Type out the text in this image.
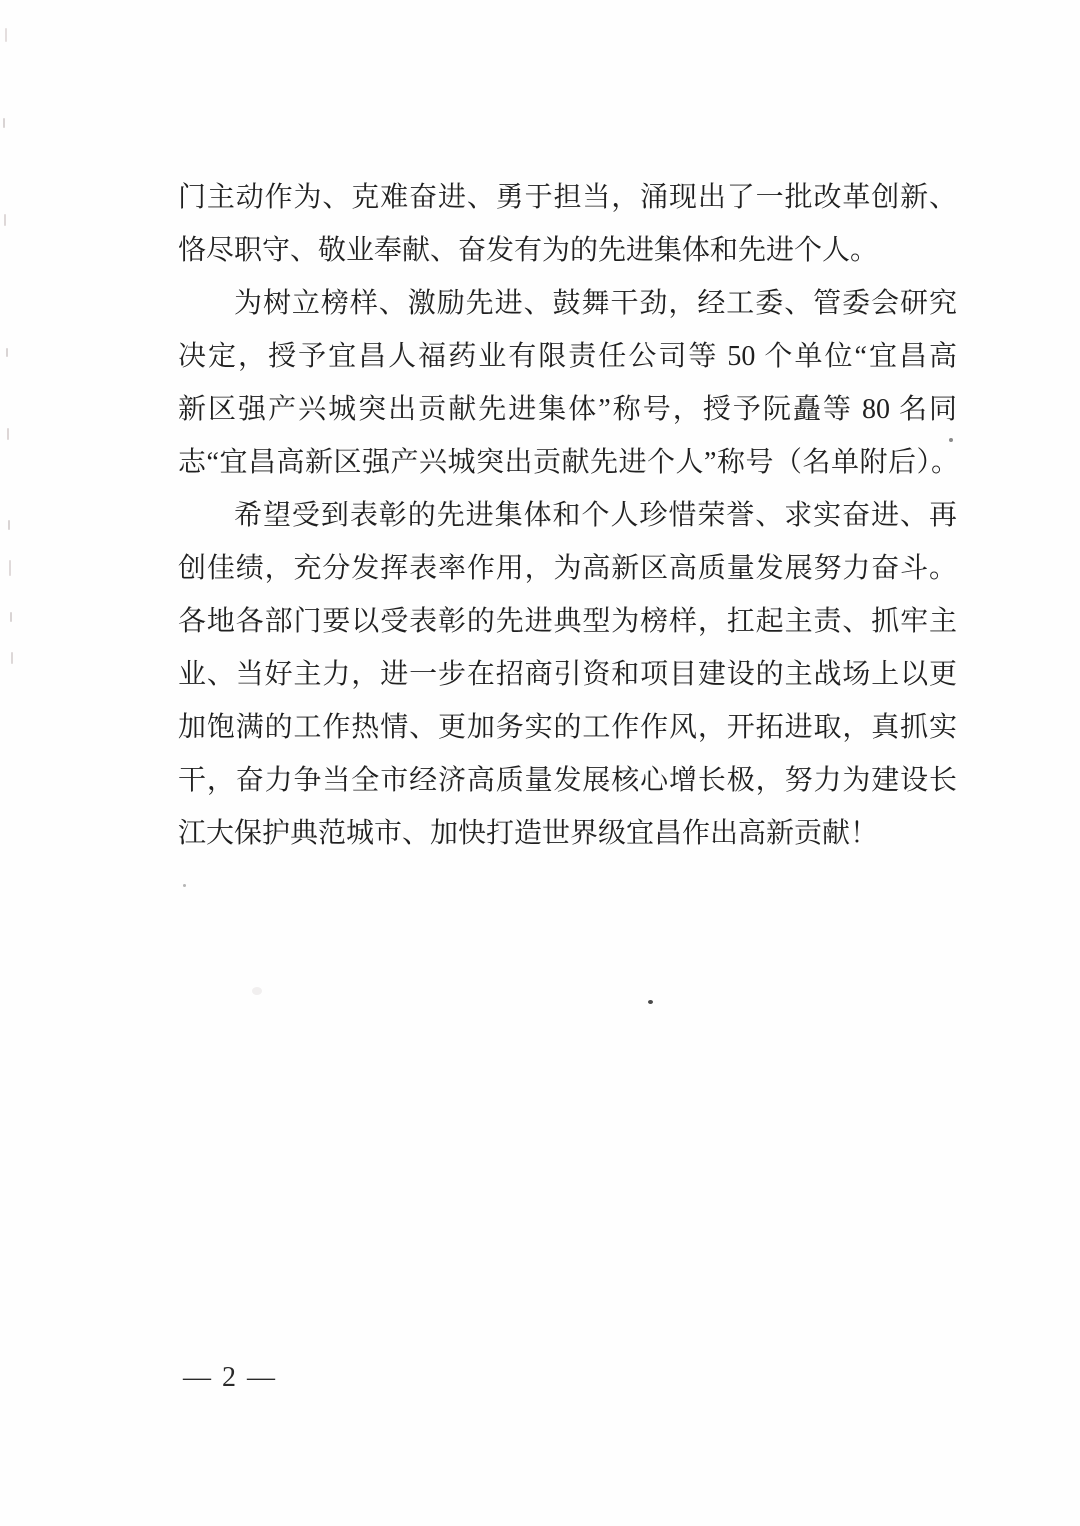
门主动作为、克难奋进、勇于担当，涌现出了一批改革创新、
恪尽职守、敬业奉献、奋发有为的先进集体和先进个人。
为树立榜样、激励先进、鼓舞干劲，经工委、管委会研究
决定，授予宜昌人福药业有限责任公司等 50 个单位“宜昌高
新区强产兴城突出贡献先进集体”称号，授予阮矗等 80 名同
志“宜昌高新区强产兴城突出贡献先进个人”称号（名单附后）。
希望受到表彰的先进集体和个人珍惜荣誉、求实奋进、再
创佳绩，充分发挥表率作用，为高新区高质量发展努力奋斗。
各地各部门要以受表彰的先进典型为榜样，扛起主责、抓牢主
业、当好主力，进一步在招商引资和项目建设的主战场上以更
加饱满的工作热情、更加务实的工作作风，开拓进取，真抓实
干，奋力争当全市经济高质量发展核心增长极，努力为建设长
江大保护典范城市、加快打造世界级宜昌作出高新贡献！
— 2 —
